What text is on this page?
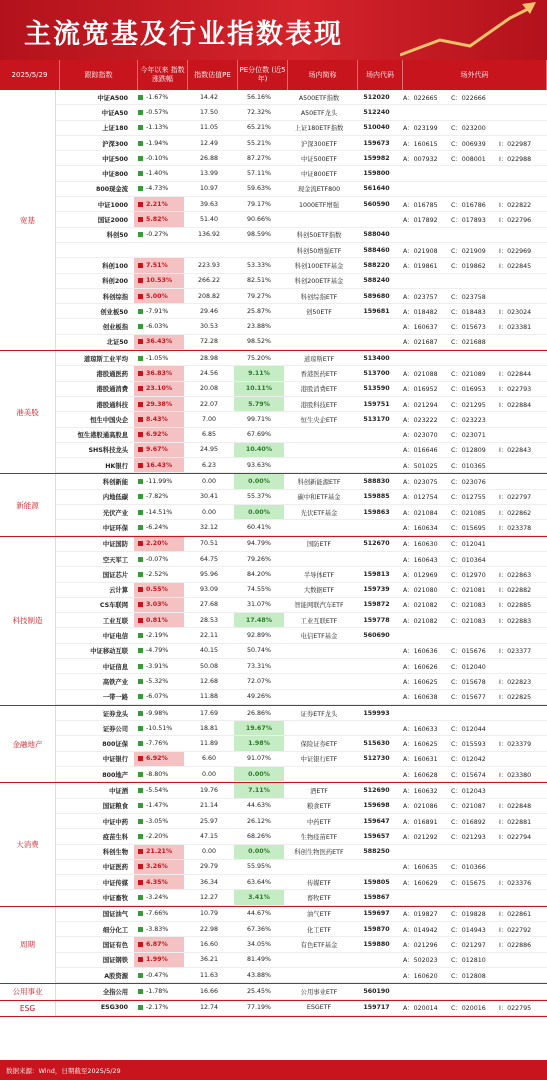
主流宽基及行业指数表现
2025/5/29	跟踪指数
今年以来 指数涨跌幅
指数估值PE
PE分位数 (近5年)
场内简称	场内代码	场外代码
宽基
中证A500	-1.67%	14.42	56.16%	A500ETF指数	512020	A：022665	C：022666
中证A50	-0.57%	17.50	72.32%	A50ETF龙头	512240
上证180	-1.13%	11.05	65.21%	上证180ETF指数	510040	A：023199	C：023200
沪深300	-1.94%	12.49	55.21%	沪深300ETF	159673	A：160615	C：006939	I：022987
中证500	-0.10%	26.88	87.27%	中证500ETF	159982	A：007932	C：008001	I：022988
中证800	-1.40%	13.99	57.11%	中证800ETF	159800
800现金流	-4.73%	10.97	59.63%	现金流ETF800	561640
中证1000	2.21%	39.63	79.17%	1000ETF增强	560590	A：016785	C：016786	I：022822
国证2000	5.82%	51.40	90.66%	A：017892	C：017893	I：022796
科创50	-0.27%	136.92	98.59%	科创50ETF指数	588040
科创50增强ETF	588460	A：021908	C：021909	I：022969
科创100	7.51%	223.93	53.33%	科创100ETF基金	588220	A：019861	C：019862	I：022845
科创200	10.53%	266.22	82.51%	科创200ETF基金	588240
科创综指	5.00%	208.82	79.27%	科创综指ETF	589680	A：023757	C：023758
创业板50	-7.91%	29.46	25.87%	创50ETF	159681	A：018482	C：018483	I：023024
创业板指	-6.03%	30.53	23.88%	A：160637	C：015673	I：023381
北证50	36.43%	72.28	98.52%	A：021687	C：021688
港美股
道琼斯工业平均	-1.05%	28.98	75.20%	道琼斯ETF	513400
港股通医药	36.83%	24.56	9.11%	香港医药ETF	513700	A：021088	C：021089	I：022844
港股通消费	23.10%	20.08	10.11%	港股消费ETF	513590	A：016952	C：016953	I：022793
港股通科技	29.38%	22.07	5.79%	港股科技ETF	159751	A：021294	C：021295	I：022884
恒生中国央企	8.43%	7.00	99.71%	恒生央企ETF	513170	A：023222	C：023223
恒生港股通高股息	6.92%	6.85	67.69%	A：023070	C：023071
SHS科技龙头	9.67%	24.95	10.40%	A：016646	C：012809	I：022843
HK银行	16.43%	6.23	93.63%	A：501025	C：010365
新能源
科创新能	-11.99%	0.00	0.00%	科创新能源ETF	588830	A：023075	C：023076
内地低碳	-7.82%	30.41	55.37%	碳中和ETF基金	159885	A：012754	C：012755	I：022797
光伏产业	-14.51%	0.00	0.00%	光伏ETF基金	159863	A：021084	C：021085	I：022862
中证环保	-6.24%	32.12	60.41%	A：160634	C：015695	I：023378
科技制造
中证国防	2.20%	70.51	94.79%	国防ETF	512670	A：160630	C：012041
空天军工	-0.07%	64.75	79.26%	A：160643	C：010364
国证芯片	-2.52%	95.96	84.20%	半导体ETF	159813	A：012969	C：012970	I：022863
云计算	0.55%	93.09	74.55%	大数据ETF	159739	A：021080	C：021081	I：022882
CS车联网	3.03%	27.68	31.07%	智能网联汽车ETF	159872	A：021082	C：021083	I：022885
工业互联	0.81%	28.53	17.48%	工业互联ETF	159778	A：021082	C：021083	I：022883
中证电信	-2.19%	22.11	92.89%	电信ETF基金	560690
中证移动互联	-4.79%	40.15	50.74%	A：160636	C：015676	I：023377
中证信息	-3.91%	50.08	73.31%	A：160626	C：012040
高铁产业	-5.32%	12.68	72.07%	A：160625	C：015678	I：022823
一带一路	-6.07%	11.88	49.26%	A：160638	C：015677	I：022825
金融地产
证券龙头	-9.98%	17.69	26.86%	证券ETF龙头	159993
证券公司	-10.51%	18.81	19.67%	A：160633	C：012044
800证保	-7.76%	11.89	1.98%	保险证券ETF	515630	A：160625	C：015593	I：023379
中证银行	6.92%	6.60	91.07%	中证银行ETF	512730	A：160631	C：012042
800地产	-8.80%	0.00	0.00%	A：160628	C：015674	I：023380
大消费
中证酒	-5.54%	19.76	7.11%	酒ETF	512690	A：160632	C：012043
国证粮食	-1.47%	21.14	44.63%	粮食ETF	159698	A：021086	C：021087	I：022848
中证中药	-3.05%	25.97	26.12%	中药ETF	159647	A：016891	C：016892	I：022881
疫苗生科	-2.20%	47.15	68.26%	生物疫苗ETF	159657	A：021292	C：021293	I：022794
科创生物	21.21%	0.00	0.00%	科创生物医药ETF	588250
中证医药	3.26%	29.79	55.95%	A：160635	C：010366
中证传媒	4.35%	36.34	63.64%	传媒ETF	159805	A：160629	C：015675	I：023376
中证畜牧	-3.24%	12.27	3.41%	畜牧ETF	159867
周期
国证油气	-7.66%	10.79	44.67%	油气ETF	159697	A：019827	C：019828	I：022861
细分化工	-3.83%	22.98	67.36%	化工ETF	159870	A：014942	C：014943	I：022792
国证有色	6.87%	16.60	34.05%	有色ETF基金	159880	A：021296	C：021297	I：022886
国证钢铁	1.99%	36.21	81.49%	A：502023	C：012810
A股资源	-0.47%	11.63	43.88%	A：160620	C：012808
公用事业	全指公用	-1.78%	16.66	25.45%	公用事业ETF	560190
ESG	ESG300	-2.17%	12.74	77.19%	ESGETF	159717	A：020014	C：020016	I：022795
数据来源：Wind，日期截至2025/5/29
